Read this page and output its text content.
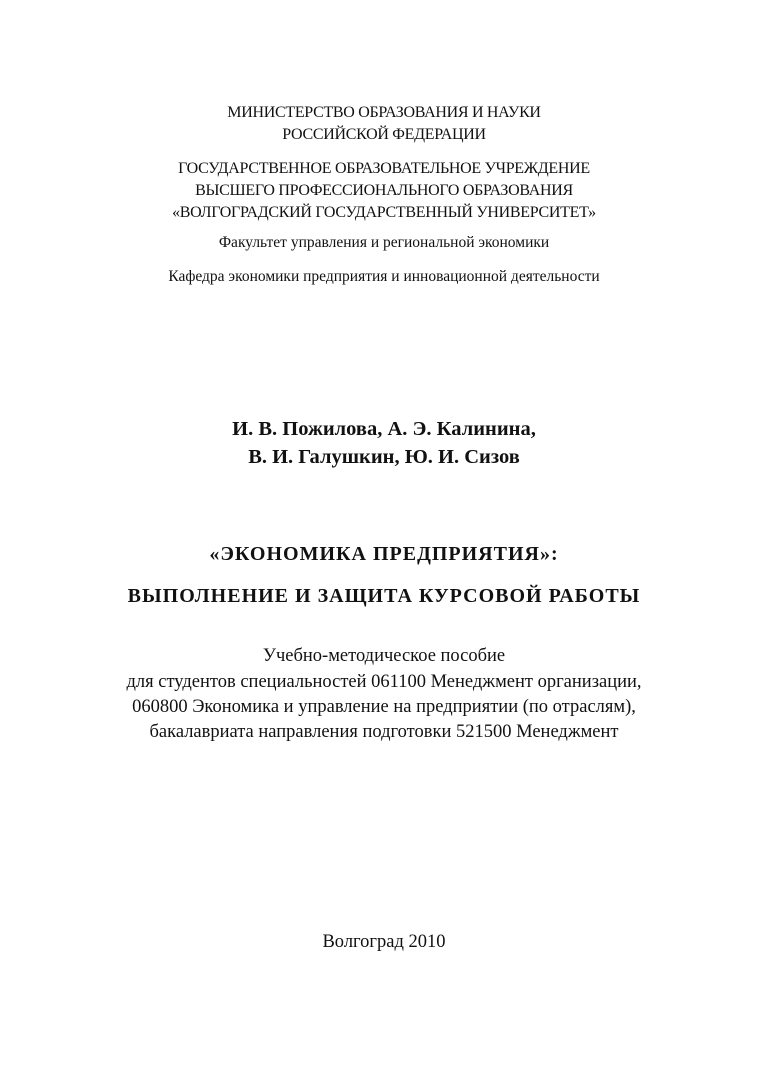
МИНИСТЕРСТВО ОБРАЗОВАНИЯ И НАУКИ
РОССИЙСКОЙ ФЕДЕРАЦИИ
ГОСУДАРСТВЕННОЕ ОБРАЗОВАТЕЛЬНОЕ УЧРЕЖДЕНИЕ
ВЫСШЕГО ПРОФЕССИОНАЛЬНОГО ОБРАЗОВАНИЯ
«ВОЛГОГРАДСКИЙ ГОСУДАРСТВЕННЫЙ УНИВЕРСИТЕТ»
Факультет управления и региональной экономики
Кафедра экономики предприятия и инновационной деятельности
И. В. Пожилова, А. Э. Калинина,
В. И. Галушкин, Ю. И. Сизов
«ЭКОНОМИКА ПРЕДПРИЯТИЯ»:
ВЫПОЛНЕНИЕ И ЗАЩИТА КУРСОВОЙ РАБОТЫ
Учебно-методическое пособие
для студентов специальностей 061100 Менеджмент организации,
060800 Экономика и управление на предприятии (по отраслям),
бакалавриата направления подготовки 521500 Менеджмент
Волгоград 2010
